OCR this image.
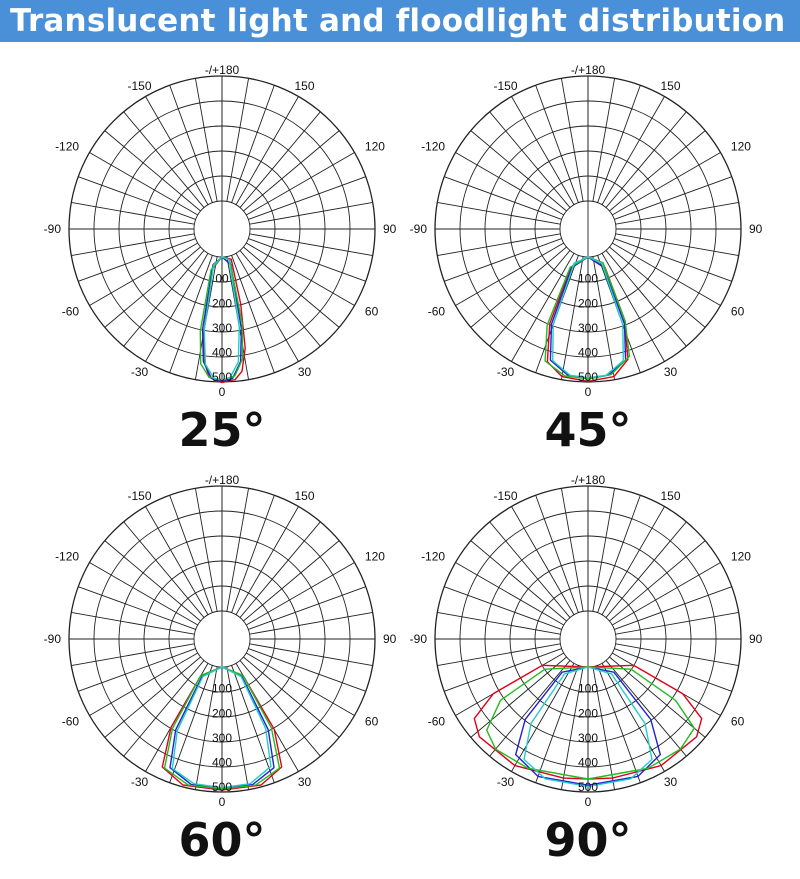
Translucent light and floodlight distribution
0
30
60
90
120
150
-/+180
-150
-120
-90
-60
-30
00
200
300
400
500
25°
0
30
60
90
120
150
-/+180
-150
-120
-90
-60
-30
100
200
300
400
500
45°
0
30
60
90
120
150
-/+180
-150
-120
-90
-60
-30
100
200
300
400
500
60°
0
30
60
90
120
150
-/+180
-150
-120
-90
-60
-30
100
200
300
400
500
90°
